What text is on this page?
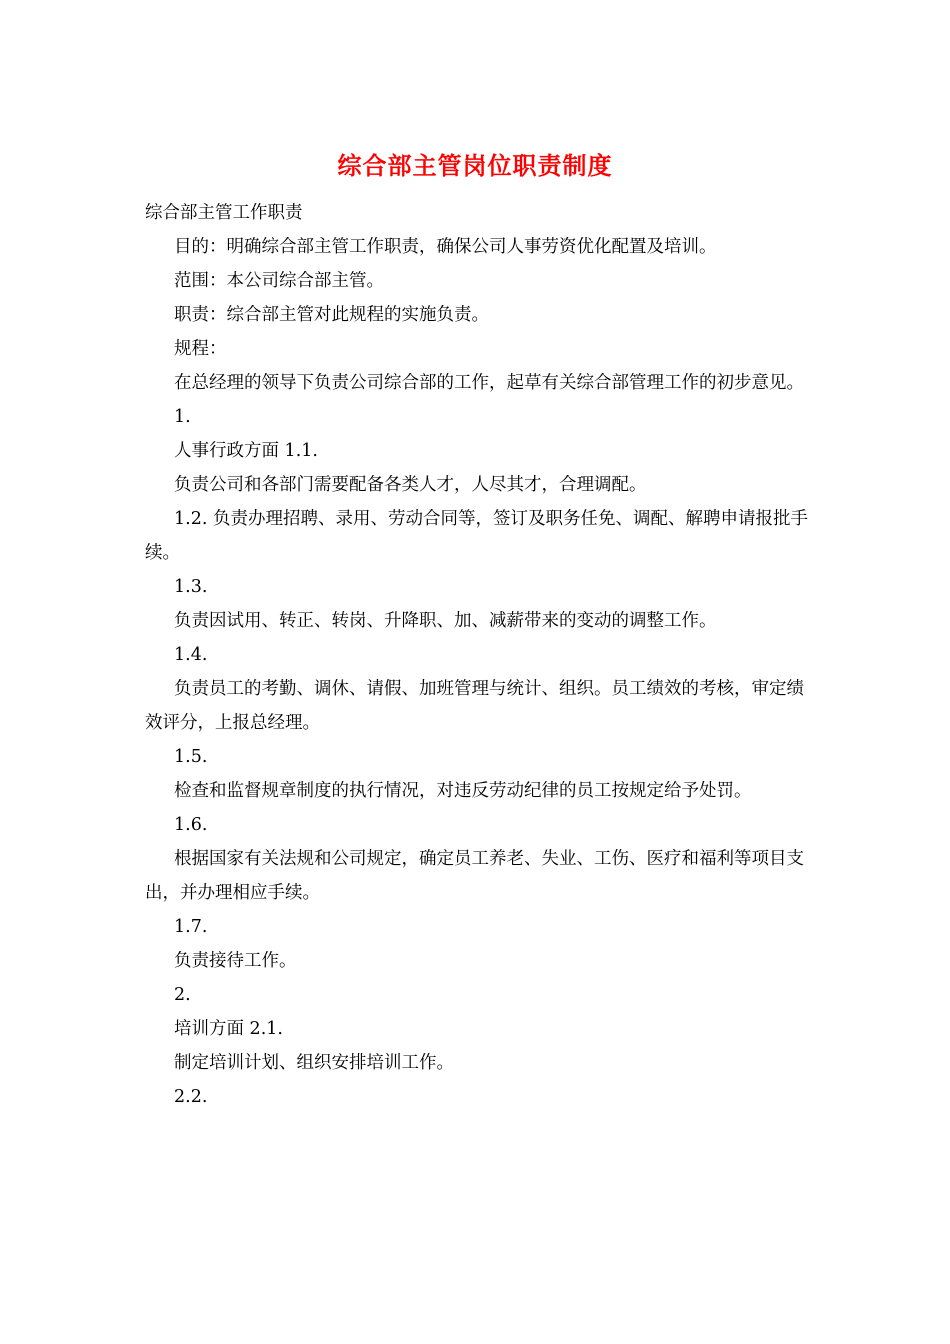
综合部主管岗位职责制度

综合部主管工作职责

目的：明确综合部主管工作职责，确保公司人事劳资优化配置及培训。

范围：本公司综合部主管。

职责：综合部主管对此规程的实施负责。

规程：

在总经理的领导下负责公司综合部的工作，起草有关综合部管理工作的初步意见。

1.

人事行政方面 1.1.

负责公司和各部门需要配备各类人才，人尽其才，合理调配。

1.2. 负责办理招聘、录用、劳动合同等，签订及职务任免、调配、解聘申请报批手续。

1.3.

负责因试用、转正、转岗、升降职、加、减薪带来的变动的调整工作。

1.4.

负责员工的考勤、调休、请假、加班管理与统计、组织。员工绩效的考核，审定绩效评分，上报总经理。

1.5.

检查和监督规章制度的执行情况，对违反劳动纪律的员工按规定给予处罚。

1.6.

根据国家有关法规和公司规定，确定员工养老、失业、工伤、医疗和福利等项目支出，并办理相应手续。

1.7.

负责接待工作。

2.

培训方面 2.1.

制定培训计划、组织安排培训工作。

2.2.
